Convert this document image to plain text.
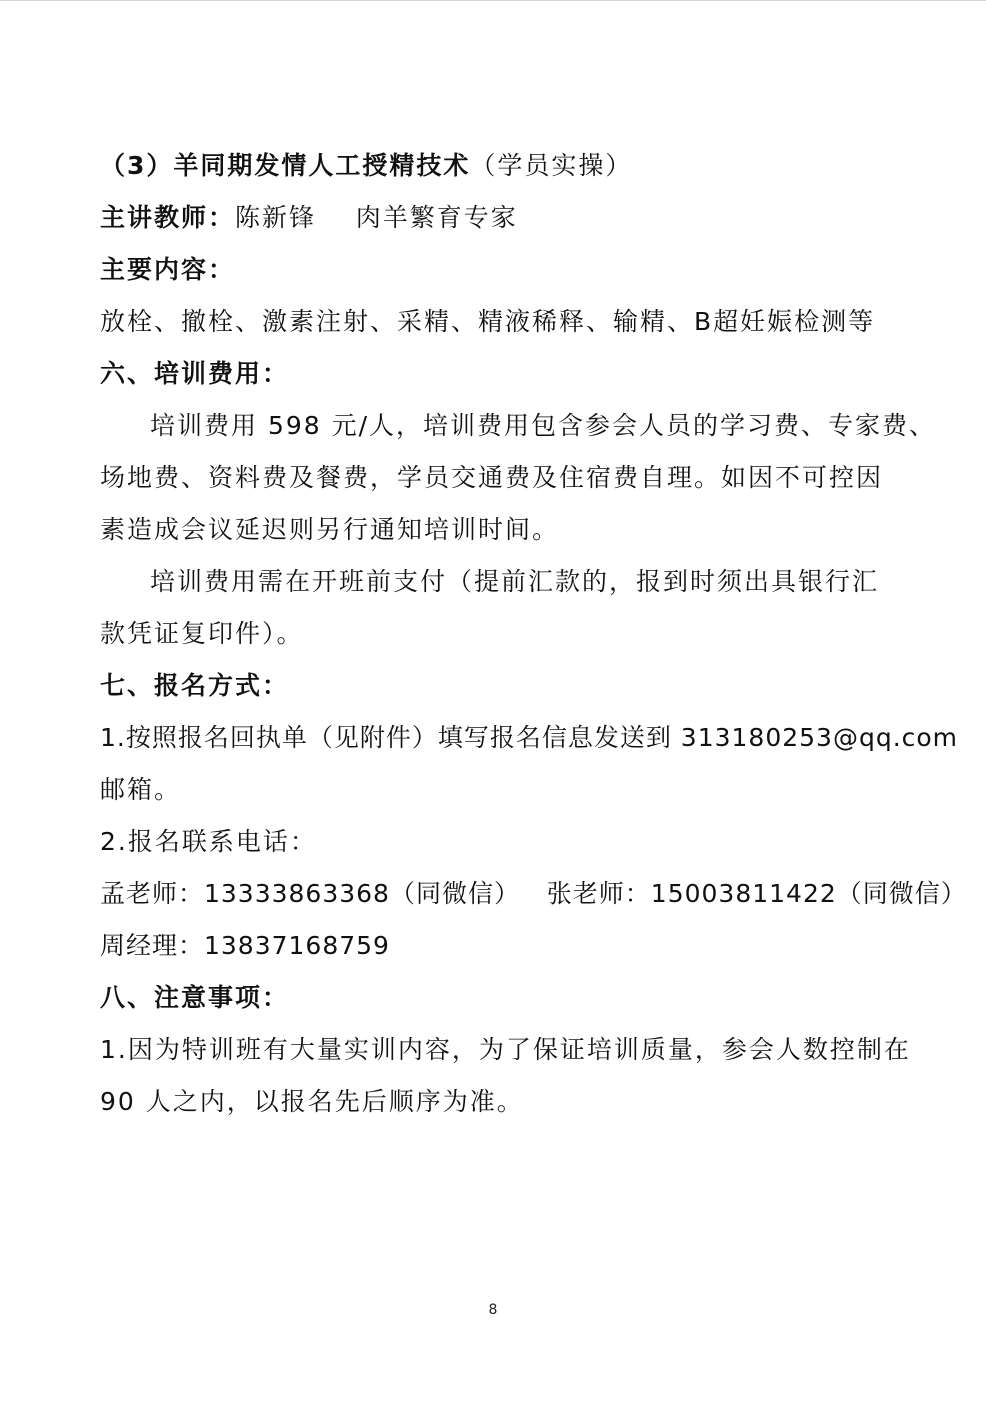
（3）羊同期发情人工授精技术（学员实操）
主讲教师：陈新锋    肉羊繁育专家
主要内容：
放栓、撤栓、激素注射、采精、精液稀释、输精、B超妊娠检测等
六、培训费用：
培训费用 598 元/人，培训费用包含参会人员的学习费、专家费、
场地费、资料费及餐费，学员交通费及住宿费自理。如因不可控因
素造成会议延迟则另行通知培训时间。
培训费用需在开班前支付（提前汇款的，报到时须出具银行汇
款凭证复印件）。
七、报名方式：
1.按照报名回执单（见附件）填写报名信息发送到 313180253@qq.com
邮箱。
2.报名联系电话：
孟老师：13333863368（同微信）   张老师：15003811422（同微信）
周经理：13837168759
八、注意事项：
1.因为特训班有大量实训内容，为了保证培训质量，参会人数控制在
90 人之内，以报名先后顺序为准。
8
